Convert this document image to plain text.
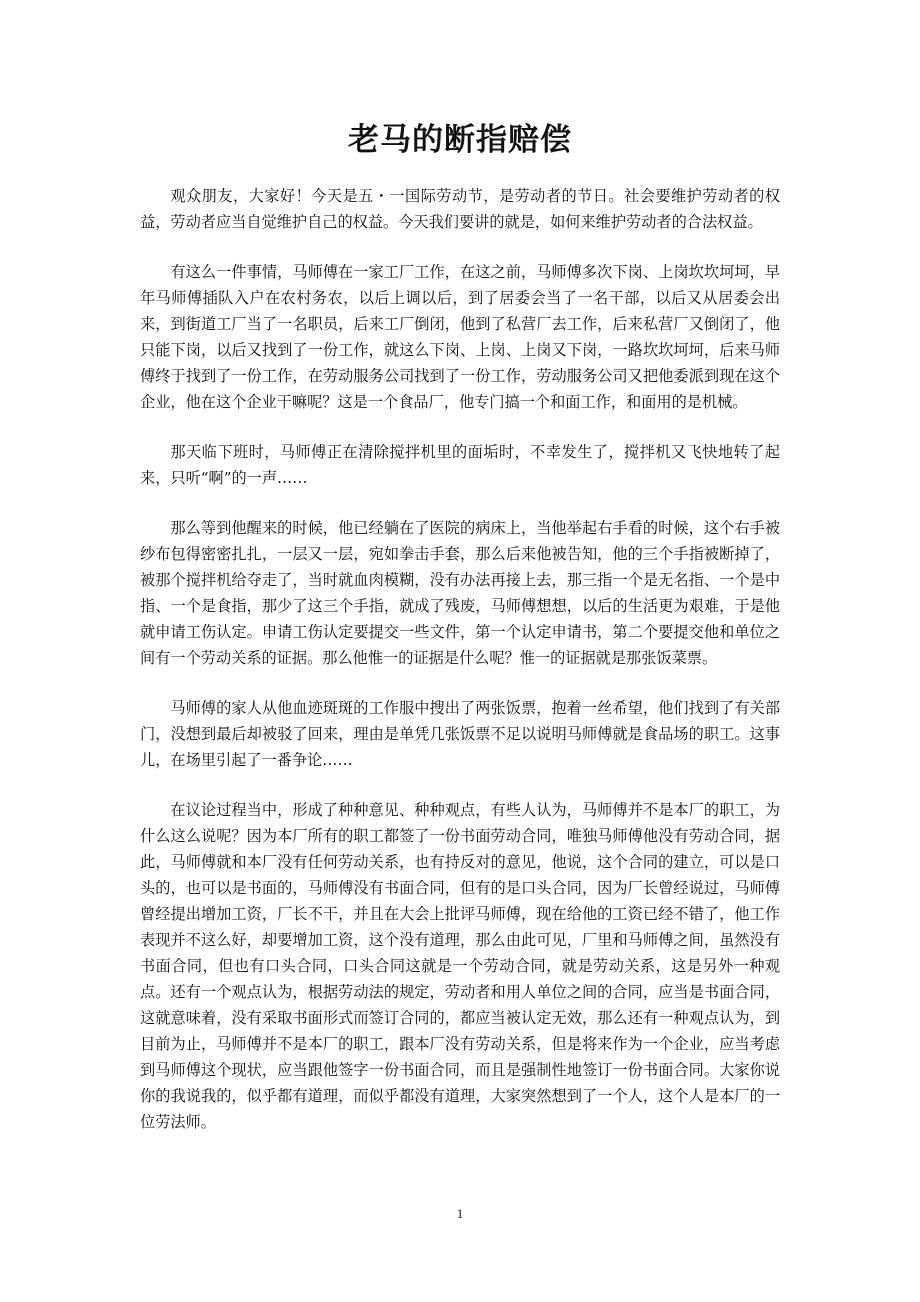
老马的断指赔偿

观众朋友，大家好！今天是五・一国际劳动节，是劳动者的节日。社会要维护劳动者的权益，劳动者应当自觉维护自己的权益。今天我们要讲的就是，如何来维护劳动者的合法权益。

有这么一件事情，马师傅在一家工厂工作，在这之前，马师傅多次下岗、上岗坎坎坷坷，早年马师傅插队入户在农村务农，以后上调以后，到了居委会当了一名干部，以后又从居委会出来，到街道工厂当了一名职员，后来工厂倒闭，他到了私营厂去工作，后来私营厂又倒闭了，他只能下岗，以后又找到了一份工作，就这么下岗、上岗、上岗又下岗，一路坎坎坷坷，后来马师傅终于找到了一份工作，在劳动服务公司找到了一份工作，劳动服务公司又把他委派到现在这个企业，他在这个企业干嘛呢？这是一个食品厂，他专门搞一个和面工作，和面用的是机械。

那天临下班时，马师傅正在清除搅拌机里的面垢时，不幸发生了，搅拌机又飞快地转了起来，只听“啊”的一声……

那么等到他醒来的时候，他已经躺在了医院的病床上，当他举起右手看的时候，这个右手被纱布包得密密扎扎，一层又一层，宛如拳击手套，那么后来他被告知，他的三个手指被断掉了，被那个搅拌机给夺走了，当时就血肉模糊，没有办法再接上去，那三指一个是无名指、一个是中指、一个是食指，那少了这三个手指，就成了残废，马师傅想想，以后的生活更为艰难，于是他就申请工伤认定。申请工伤认定要提交一些文件，第一个认定申请书，第二个要提交他和单位之间有一个劳动关系的证据。那么他惟一的证据是什么呢？惟一的证据就是那张饭菜票。

马师傅的家人从他血迹斑斑的工作服中搜出了两张饭票，抱着一丝希望，他们找到了有关部门，没想到最后却被驳了回来，理由是单凭几张饭票不足以说明马师傅就是食品场的职工。这事儿，在场里引起了一番争论……

在议论过程当中，形成了种种意见、种种观点，有些人认为，马师傅并不是本厂的职工，为什么这么说呢？因为本厂所有的职工都签了一份书面劳动合同，唯独马师傅他没有劳动合同，据此，马师傅就和本厂没有任何劳动关系，也有持反对的意见，他说，这个合同的建立，可以是口头的，也可以是书面的，马师傅没有书面合同，但有的是口头合同，因为厂长曾经说过，马师傅曾经提出增加工资，厂长不干，并且在大会上批评马师傅，现在给他的工资已经不错了，他工作表现并不这么好，却要增加工资，这个没有道理，那么由此可见，厂里和马师傅之间，虽然没有书面合同，但也有口头合同，口头合同这就是一个劳动合同，就是劳动关系，这是另外一种观点。还有一个观点认为，根据劳动法的规定，劳动者和用人单位之间的合同，应当是书面合同，这就意味着，没有采取书面形式而签订合同的，都应当被认定无效，那么还有一种观点认为，到目前为止，马师傅并不是本厂的职工，跟本厂没有劳动关系，但是将来作为一个企业，应当考虑到马师傅这个现状，应当跟他签字一份书面合同，而且是强制性地签订一份书面合同。大家你说你的我说我的，似乎都有道理，而似乎都没有道理，大家突然想到了一个人，这个人是本厂的一位劳法师。

1
